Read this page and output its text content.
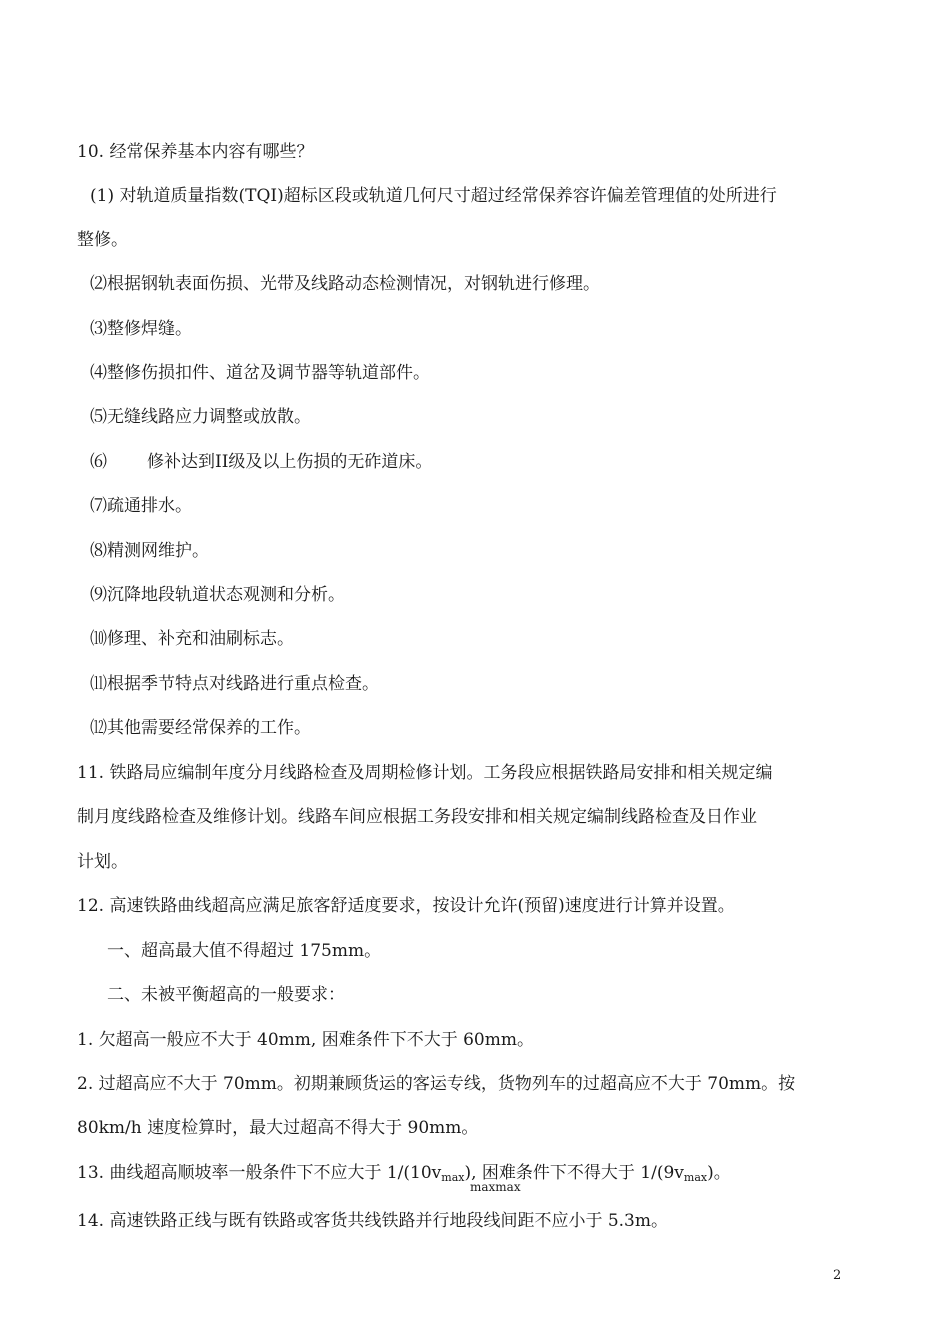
10. 经常保养基本内容有哪些？
(1) 对轨道质量指数(TQI)超标区段或轨道几何尺寸超过经常保养容许偏差管理值的处所进行
整修。
⑵根据钢轨表面伤损、光带及线路动态检测情况，对钢轨进行修理。
⑶整修焊缝。
⑷整修伤损扣件、道岔及调节器等轨道部件。
⑸无缝线路应力调整或放散。
⑹ 修补达到II级及以上伤损的无砟道床。
⑺疏通排水。
⑻精测网维护。
⑼沉降地段轨道状态观测和分析。
⑽修理、补充和油刷标志。
⑾根据季节特点对线路进行重点检查。
⑿其他需要经常保养的工作。
11. 铁路局应编制年度分月线路检查及周期检修计划。工务段应根据铁路局安排和相关规定编
制月度线路检查及维修计划。线路车间应根据工务段安排和相关规定编制线路检查及日作业
计划。
12. 高速铁路曲线超高应满足旅客舒适度要求，按设计允许(预留)速度进行计算并设置。
一、超高最大值不得超过 175mm。
二、未被平衡超高的一般要求：
1. 欠超高一般应不大于 40mm, 困难条件下不大于 60mm。
2. 过超高应不大于 70mm。初期兼顾货运的客运专线，货物列车的过超高应不大于 70mm。按
80km/h 速度检算时，最大过超高不得大于 90mm。
13. 曲线超高顺坡率一般条件下不应大于 $1/(10v_{max})$, 困难条件下不得大于 $1/(9v_{max})$。
maxmax
14. 高速铁路正线与既有铁路或客货共线铁路并行地段线间距不应小于 5.3m。
2
